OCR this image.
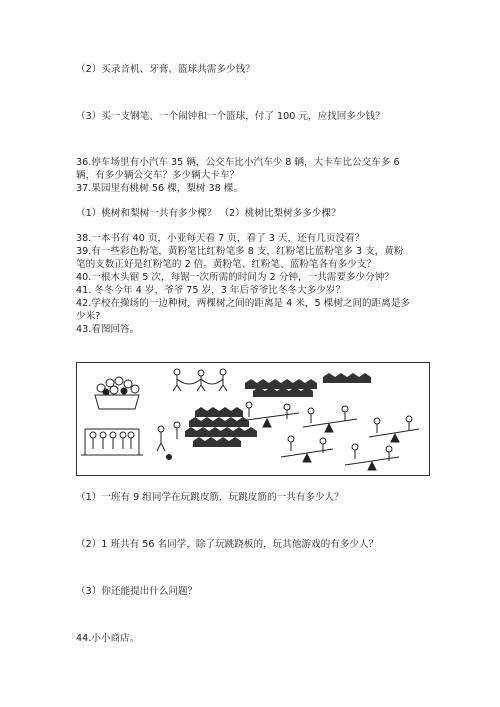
（2）买录音机、牙膏、篮球共需多少钱？
（3）买一支钢笔、一个闹钟和一个篮球，付了 100 元，应找回多少钱？
36.停车场里有小汽车 35 辆，公交车比小汽车少 8 辆，大卡车比公交车多 6
辆，有多少辆公交车？多少辆大卡车？
37.果园里有桃树 56 棵，梨树 38 棵。
（1）桃树和梨树一共有多少棵？ （2）桃树比梨树多多少棵？
38.一本书有 40 页，小亚每天看 7 页，看了 3 天，还有几页没看？
39.有一些彩色粉笔，黄粉笔比红粉笔多 8 支，红粉笔比蓝粉笔多 3 支，黄粉
笔的支数正好是红粉笔的 2 倍。黄粉笔、红粉笔、蓝粉笔各有多少支？
40.一根木头锯 5 次，每锯一次所需的时间为 2 分钟，一共需要多少分钟？
41. 冬冬今年 4 岁，爷爷 75 岁，3 年后爷爷比冬冬大多少岁？
42.学校在操场的一边种树，两棵树之间的距离是 4 米，5 棵树之间的距离是多
少米?
43.看图回答。
（1）一班有 9 组同学在玩跳皮筋，玩跳皮筋的一共有多少人？
（2）1 班共有 56 名同学，除了玩跳跷板的，玩其他游戏的有多少人？
（3）你还能提出什么问题？
44.小小商店。
